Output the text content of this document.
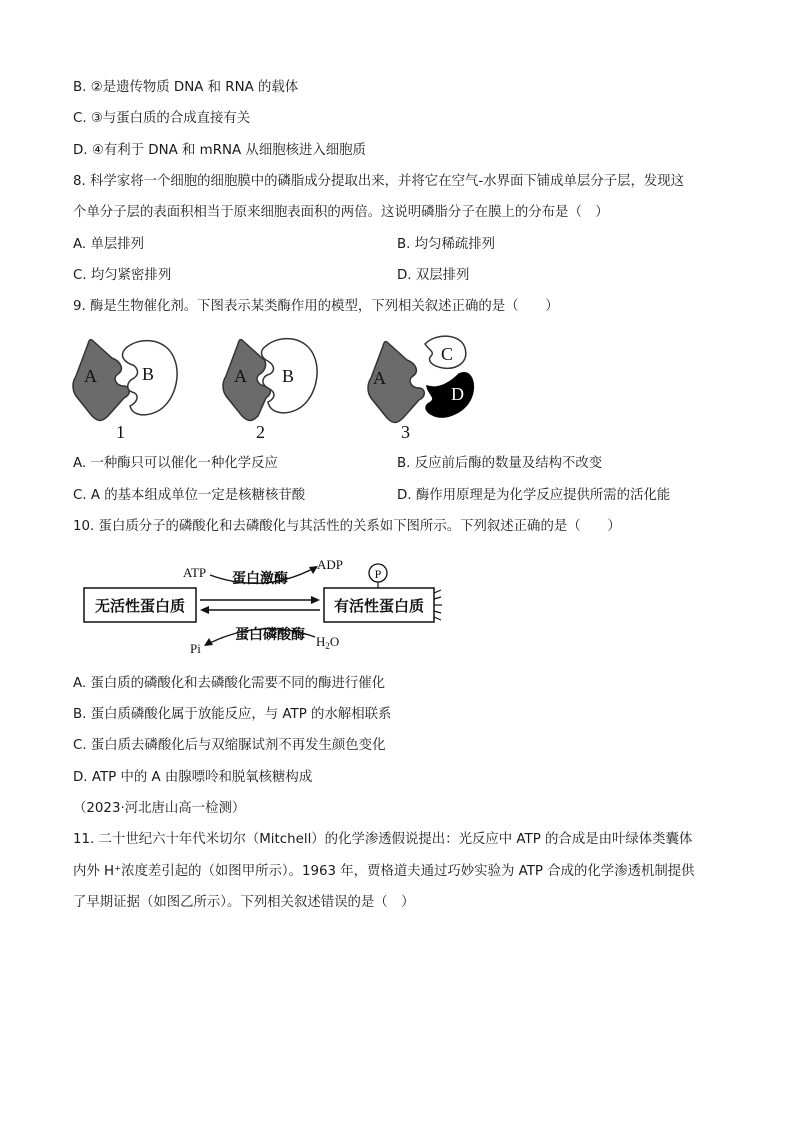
B. ②是遗传物质 DNA 和 RNA 的载体
C. ③与蛋白质的合成直接有关
D. ④有利于 DNA 和 mRNA 从细胞核进入细胞质
8. 科学家将一个细胞的细胞膜中的磷脂成分提取出来，并将它在空气-水界面下铺成单层分子层，发现这
个单分子层的表面积相当于原来细胞表面积的两倍。这说明磷脂分子在膜上的分布是（　）
A. 单层排列	B. 均匀稀疏排列
C. 均匀紧密排列	D. 双层排列
9. 酶是生物催化剂。下图表示某类酶作用的模型，下列相关叙述正确的是（　　）
A	B
1
A B
2
A
C
D
3
A. 一种酶只可以催化一种化学反应	B. 反应前后酶的数量及结构不改变
C. A 的基本组成单位一定是核糖核苷酸	D. 酶作用原理是为化学反应提供所需的活化能
10. 蛋白质分子的磷酸化和去磷酸化与其活性的关系如下图所示。下列叙述正确的是（　　）
无活性蛋白质	有活性蛋白质
ATP 蛋白激酶
ADP
P
蛋白磷酸酶
Pi	$H_2O$
A. 蛋白质的磷酸化和去磷酸化需要不同的酶进行催化
B. 蛋白质磷酸化属于放能反应，与 ATP 的水解相联系
C. 蛋白质去磷酸化后与双缩脲试剂不再发生颜色变化
D. ATP 中的 A 由腺嘌呤和脱氧核糖构成
（2023·河北唐山高一检测）
11. 二十世纪六十年代米切尔（Mitchell）的化学渗透假说提出：光反应中 ATP 的合成是由叶绿体类囊体
内外 H⁺浓度差引起的（如图甲所示）。1963 年，贾格道夫通过巧妙实验为 ATP 合成的化学渗透机制提供
了早期证据（如图乙所示）。下列相关叙述错误的是（　）
